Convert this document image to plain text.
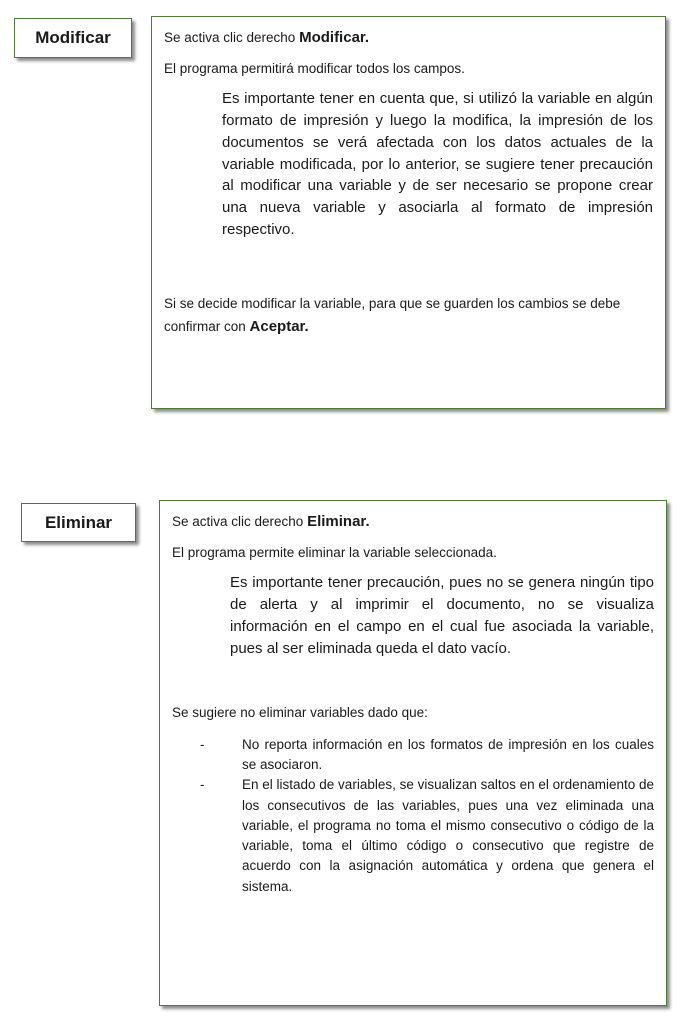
Modificar	Se activa clic derecho Modificar.

El programa permitirá modificar todos los campos.

Es importante tener en cuenta que, si utilizó la variable en algún formato de impresión y luego la modifica, la impresión de los documentos se verá afectada con los datos actuales de la variable modificada, por lo anterior, se sugiere tener precaución al modificar una variable y de ser necesario se propone crear una nueva variable y asociarla al formato de impresión respectivo.

Si se decide modificar la variable, para que se guarden los cambios se debe confirmar con Aceptar.

Eliminar	Se activa clic derecho Eliminar.

El programa permite eliminar la variable seleccionada.

Es importante tener precaución, pues no se genera ningún tipo de alerta y al imprimir el documento, no se visualiza información en el campo en el cual fue asociada la variable, pues al ser eliminada queda el dato vacío.

Se sugiere no eliminar variables dado que:

-	No reporta información en los formatos de impresión en los cuales se asociaron.
-	En el listado de variables, se visualizan saltos en el ordenamiento de los consecutivos de las variables, pues una vez eliminada una variable, el programa no toma el mismo consecutivo o código de la variable, toma el último código o consecutivo que registre de acuerdo con la asignación automática y ordena que genera el sistema.
